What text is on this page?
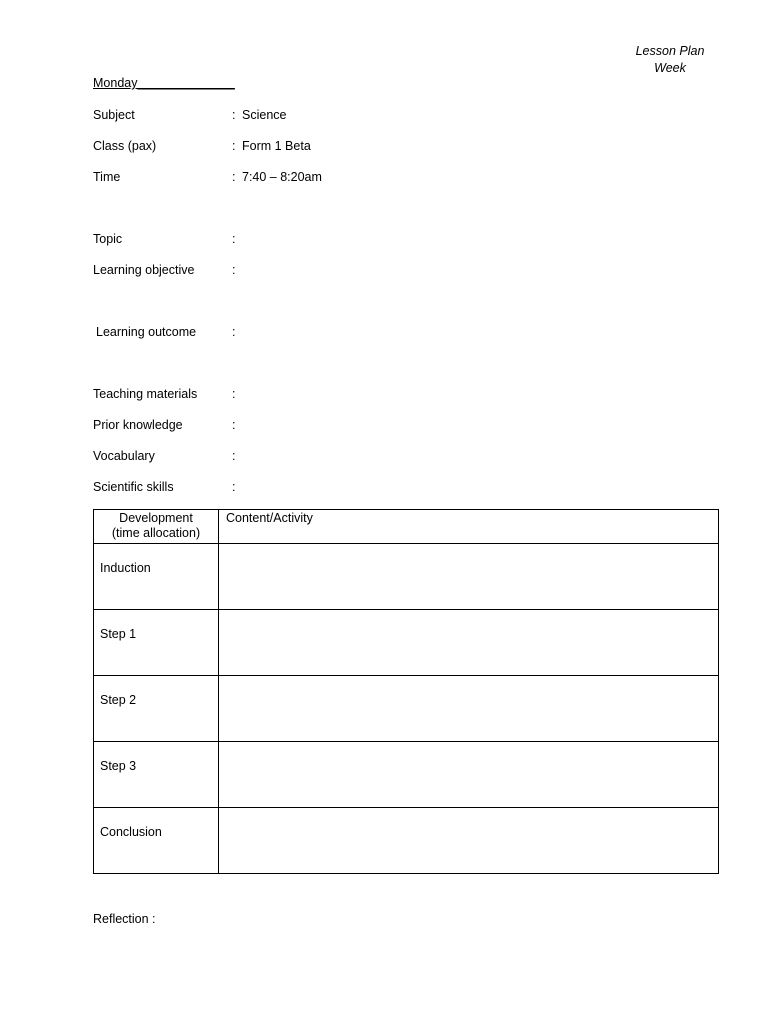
Lesson Plan
Week
Monday______________
Subject	: Science
Class (pax)	: Form 1 Beta
Time	: 7:40 – 8:20am
Topic	:
Learning objective	:
Learning outcome	:
Teaching materials	:
Prior knowledge	:
Vocabulary	:
Scientific skills	:
Development
(time allocation)	Content/Activity
Induction	
Step 1	
Step 2	
Step 3	
Conclusion	
Reflection :
